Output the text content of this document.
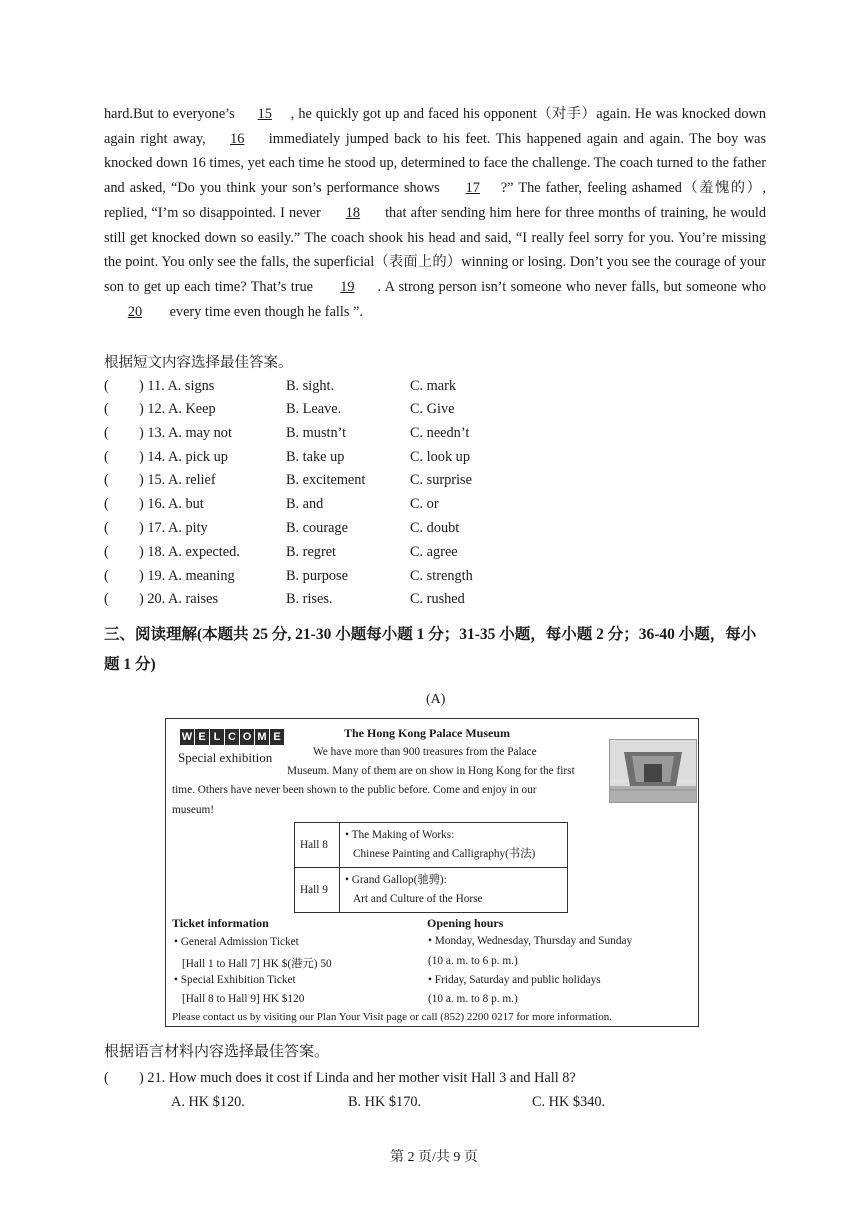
hard.But to everyone’s 15 , he quickly got up and faced his opponent（对手）again. He was knocked down again right away, 16 immediately jumped back to his feet. This happened again and again. The boy was knocked down 16 times, yet each time he stood up, determined to face the challenge. The coach turned to the father and asked, “Do you think your son’s performance shows 17 ?” The father, feeling ashamed（羞愧的）, replied, “I’m so disappointed. I never 18 that after sending him here for three months of training, he would still get knocked down so easily.” The coach shook his head and said, “I really feel sorry for you. You’re missing the point. You only see the falls, the superficial（表面上的）winning or losing. Don’t you see the courage of your son to get up each time? That’s true 19 . A strong person isn’t someone who never falls, but someone who 20 every time even though he falls ”.
根据短文内容选择最佳答案。
( ) 11. A. signs	B. sight.	C. mark
( ) 12. A. Keep	B. Leave.	C. Give
( ) 13. A. may not	B. mustn’t	C. needn’t
( ) 14. A. pick up	B. take up	C. look up
( ) 15. A. relief	B. excitement	C. surprise
( ) 16. A. but	B. and	C. or
( ) 17. A. pity	B. courage	C. doubt
( ) 18. A. expected.	B. regret	C. agree
( ) 19. A. meaning	B. purpose	C. strength
( ) 20. A. raises	B. rises.	C. rushed
三、阅读理解(本题共 25 分, 21-30 小题每小题 1 分；31-35 小题，每小题 2 分；36-40 小题，每小题 1 分)
(A)
W E L C O M E
Special exhibition
The Hong Kong Palace Museum
We have more than 900 treasures from the Palace
Museum. Many of them are on show in Hong Kong for the first
time. Others have never been shown to the public before. Come and enjoy in our
museum!
Hall 8	• The Making of Works:
Chinese Painting and Calligraphy(书法)

Hall 9	• Grand Gallop(驰骋):
Art and Culture of the Horse
Ticket information
• General Admission Ticket
[Hall 1 to Hall 7] HK $(港元) 50
• Special Exhibition Ticket
[Hall 8 to Hall 9] HK $120
Opening hours
• Monday, Wednesday, Thursday and Sunday
(10 a. m. to 6 p. m.)
• Friday, Saturday and public holidays
(10 a. m. to 8 p. m.)
Please contact us by visiting our Plan Your Visit page or call (852) 2200 0217 for more information.
根据语言材料内容选择最佳答案。
( ) 21. How much does it cost if Linda and her mother visit Hall 3 and Hall 8?
A. HK $120.	B. HK $170.	C. HK $340.
第 2 页/共 9 页
